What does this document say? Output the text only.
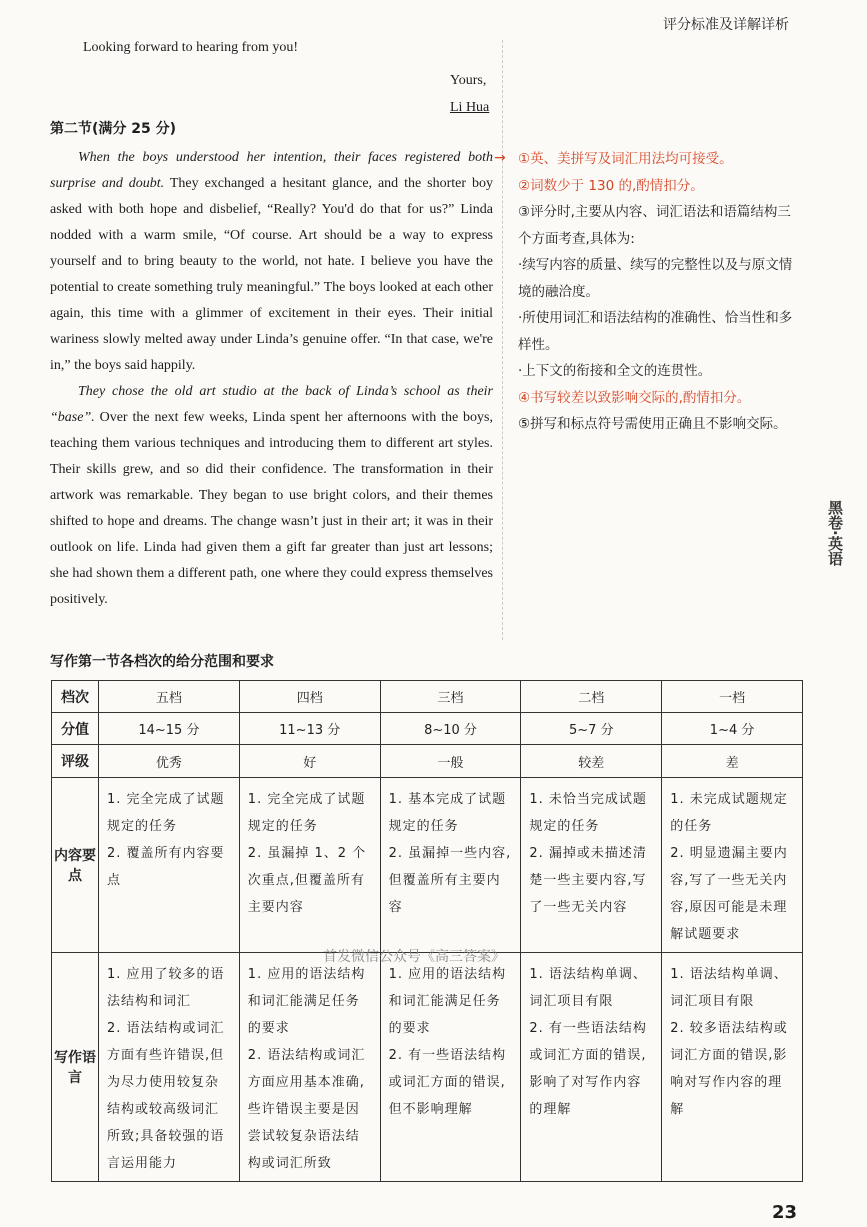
评分标准及详解详析
黑卷·英语
Looking forward to hearing from you!
Yours,
Li Hua
第二节(满分 25 分)

When the boys understood her intention, their faces registered both surprise and doubt. They exchanged a hesitant glance, and the shorter boy asked with both hope and disbelief, “Really? You'd do that for us?” Linda nodded with a warm smile, “Of course. Art should be a way to express yourself and to bring beauty to the world, not hate. I believe you have the potential to create something truly meaningful.” The boys looked at each other again, this time with a glimmer of excitement in their eyes. Their initial wariness slowly melted away under Linda’s genuine offer. “In that case, we're in,” the boys said happily.

They chose the old art studio at the back of Linda’s school as their “base”. Over the next few weeks, Linda spent her afternoons with the boys, teaching them various techniques and introducing them to different art styles. Their skills grew, and so did their confidence. The transformation in their artwork was remarkable. They began to use bright colors, and their themes shifted to hope and dreams. The change wasn’t just in their art; it was in their outlook on life. Linda had given them a gift far greater than just art lessons; she had shown them a different path, one where they could express themselves positively.

→ ①英、美拼写及词汇用法均可接受。
②词数少于 130 的,酌情扣分。
③评分时,主要从内容、词汇语法和语篇结构三个方面考查,具体为:
·续写内容的质量、续写的完整性以及与原文情境的融洽度。
·所使用词汇和语法结构的准确性、恰当性和多样性。
·上下文的衔接和全文的连贯性。
④书写较差以致影响交际的,酌情扣分。
⑤拼写和标点符号需使用正确且不影响交际。
写作第一节各档次的给分范围和要求
档次	五档	四档	三档	二档	一档
分值	14~15 分	11~13 分	8~10 分	5~7 分	1~4 分
评级	优秀	好	一般	较差	差
内容要点	1. 完全完成了试题规定的任务
2. 覆盖所有内容要点	1. 完全完成了试题规定的任务
2. 虽漏掉 1、2 个次重点,但覆盖所有主要内容	1. 基本完成了试题规定的任务
2. 虽漏掉一些内容,但覆盖所有主要内容	1. 未恰当完成试题规定的任务
2. 漏掉或未描述清楚一些主要内容,写了一些无关内容	1. 未完成试题规定的任务
2. 明显遗漏主要内容,写了一些无关内容,原因可能是未理解试题要求

写作语言	1. 应用了较多的语法结构和词汇
2. 语法结构或词汇方面有些许错误,但为尽力使用较复杂结构或较高级词汇所致;具备较强的语言运用能力	1. 应用的语法结构和词汇能满足任务的要求
2. 语法结构或词汇方面应用基本准确,些许错误主要是因尝试较复杂语法结构或词汇所致	1. 应用的语法结构和词汇能满足任务的要求
2. 有一些语法结构或词汇方面的错误,但不影响理解	1. 语法结构单调、词汇项目有限
2. 有一些语法结构或词汇方面的错误,影响了对写作内容的理解	1. 语法结构单调、词汇项目有限
2. 较多语法结构或词汇方面的错误,影响对写作内容的理解
首发微信公众号《高三答案》
23
